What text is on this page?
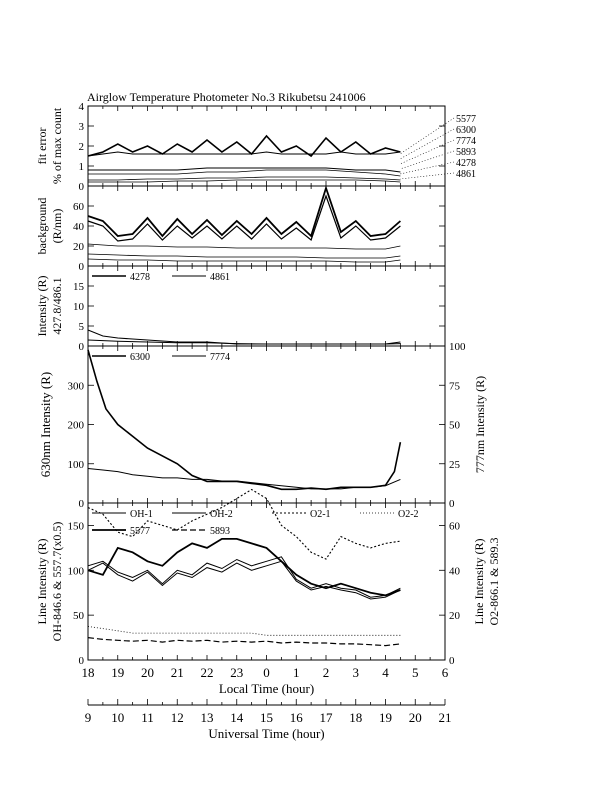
Airglow Temperature Photometer No.3 Rikubetsu 241006
0
1
2
3
4
fit error % of max count	5577
6300
7774
5893
4278
4861
0
20
40
60
background (R/nm)
0
5
10
15
Intensity (R) 427.8/486.1	4278	4861
0
100
200
300
630nm Intensity (R)
0
25
50
75
100
777nm Intensity (R)
6300	7774
0
50
100
150
Line Intensity (R) OH-846.6 & 557.7(x0.5)
0
20
40
60
Line Intensity (R) O2-866.1 & 589.3
OH-1	OH-2	O2-1	O2-2
5577	5893
18 19 20 21 22 23 0 1 2 3 4 5 6
Local Time (hour)
9 10 11 12 13 14 15 16 17 18 19 20 21
Universal Time (hour)
